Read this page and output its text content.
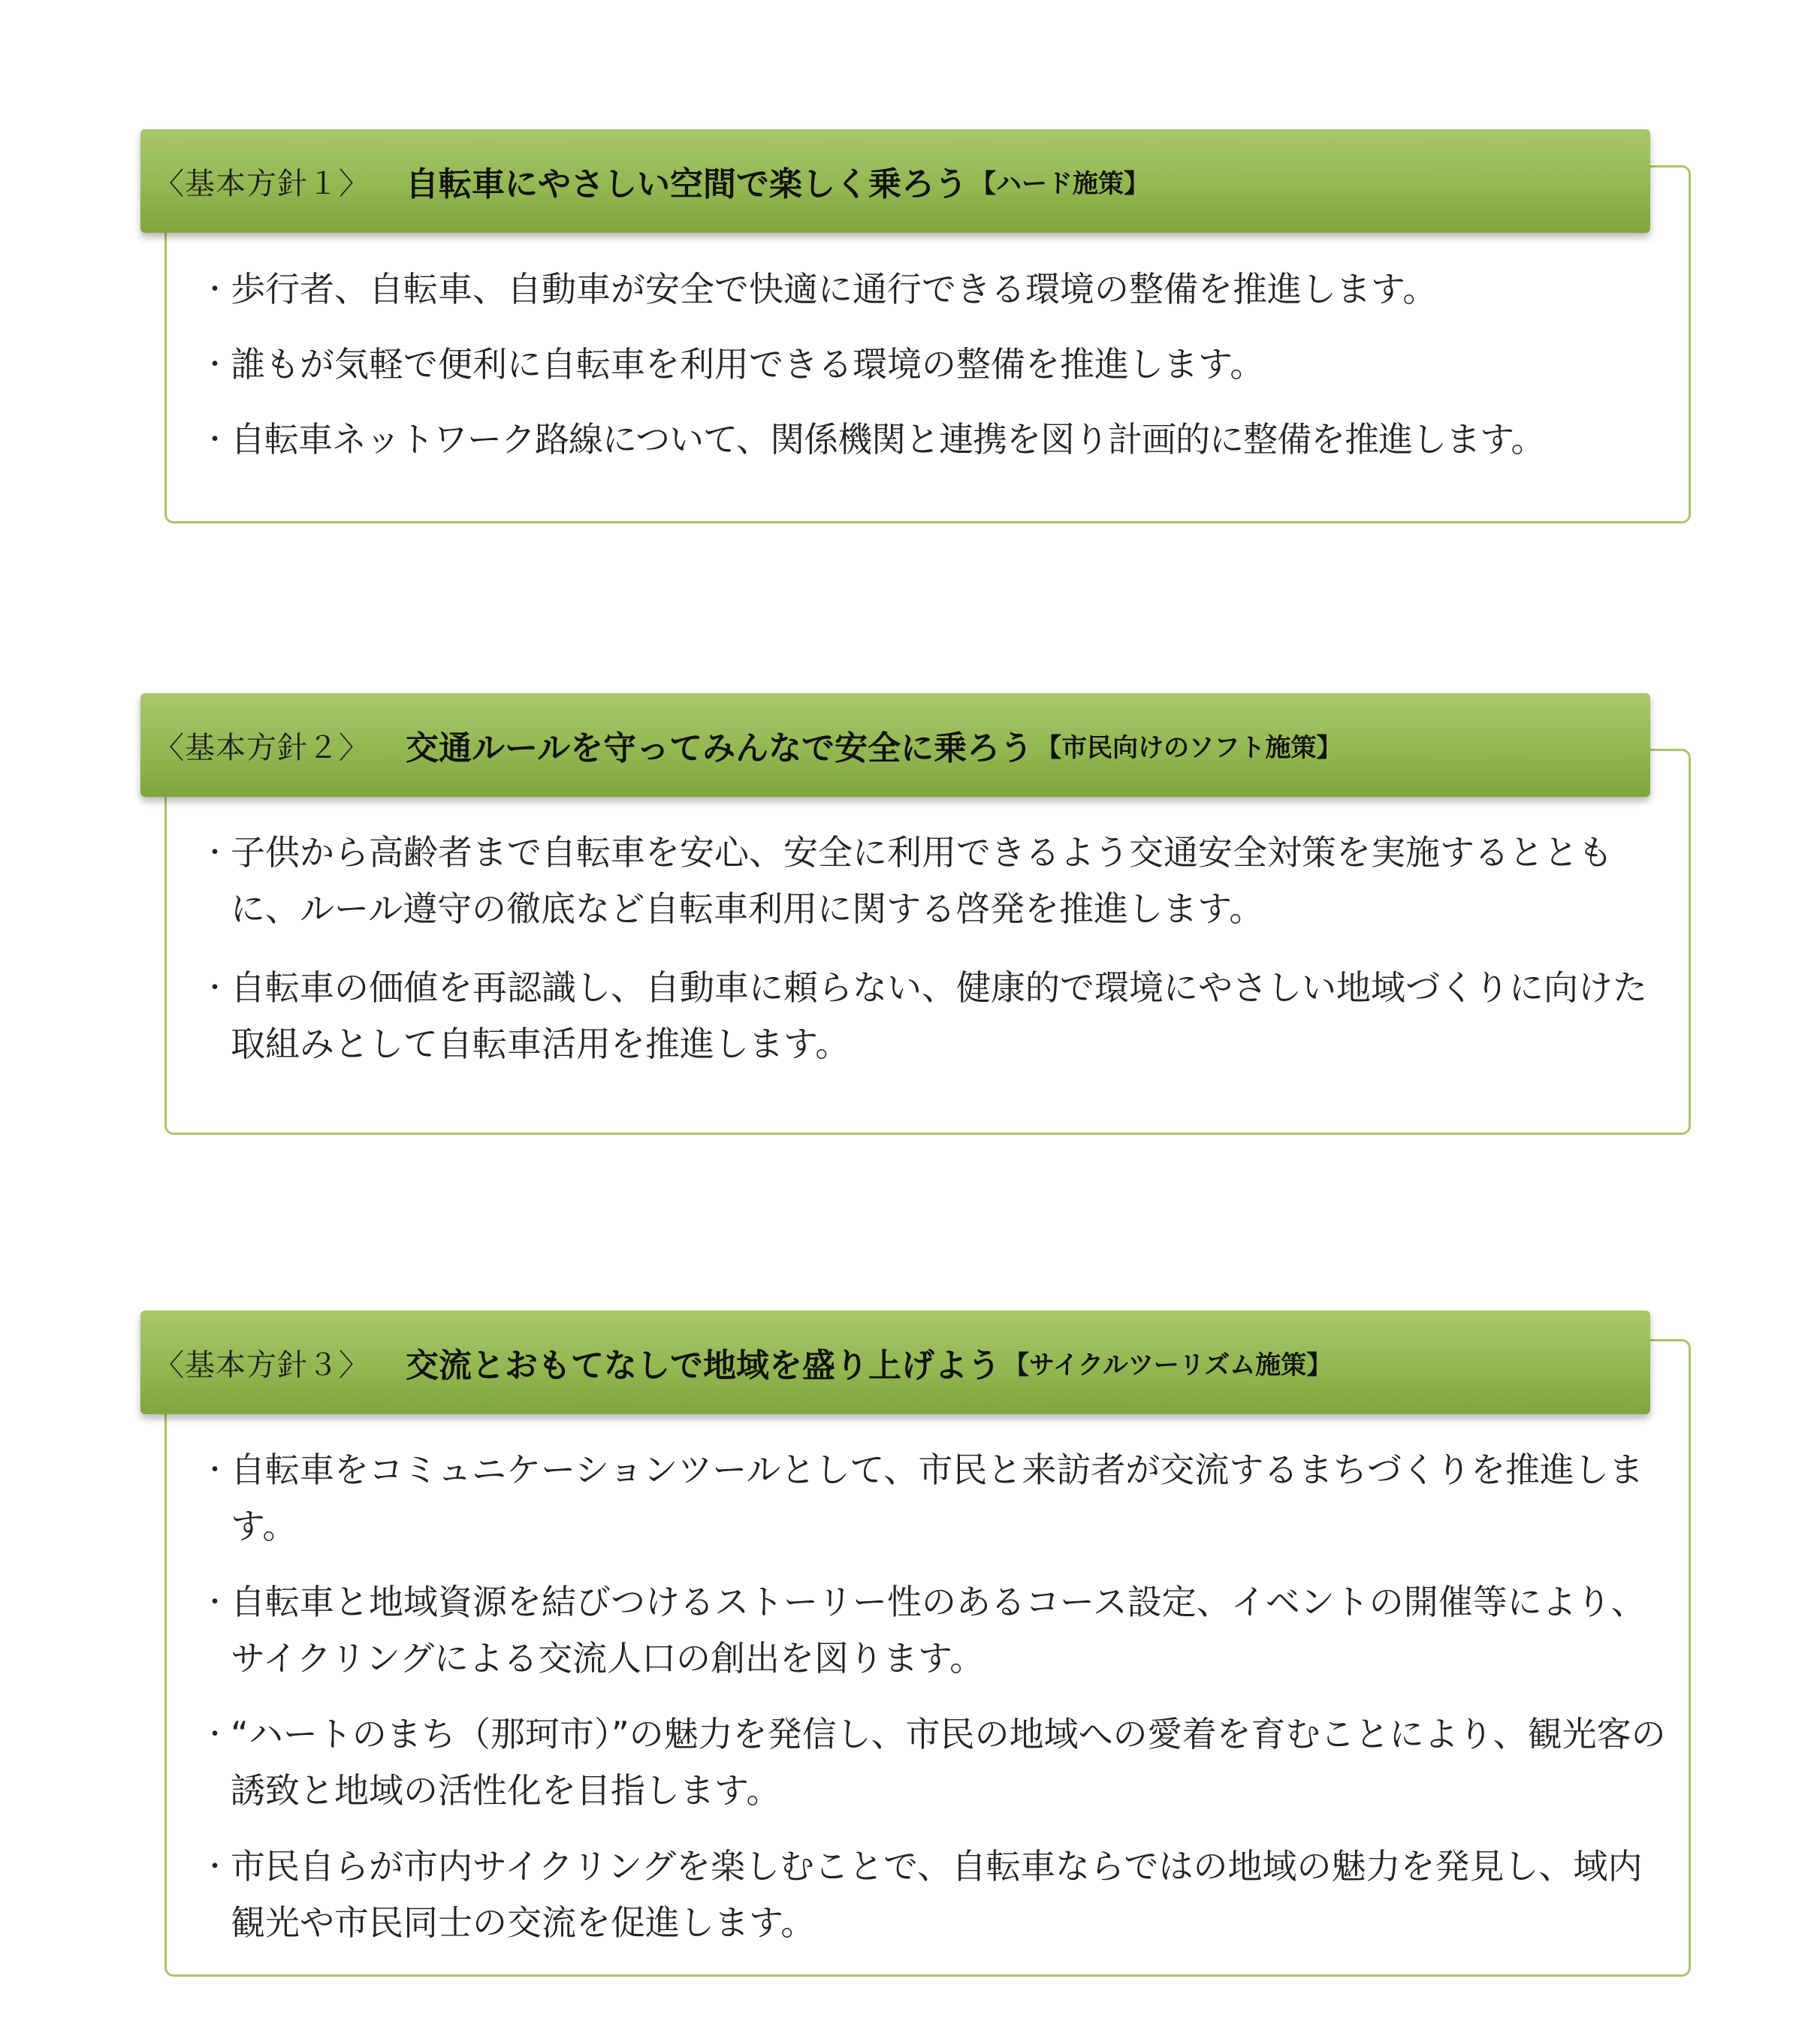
〈基本方針１〉 自転車にやさしい空間で楽しく乗ろう 【ハード施策】
・ 歩行者、自転車、自動車が安全で快適に通行できる環境の整備を推進します。
・ 誰もが気軽で便利に自転車を利用できる環境の整備を推進します。
・ 自転車ネットワーク路線について、関係機関と連携を図り計画的に整備を推進します。
〈基本方針２〉 交通ルールを守ってみんなで安全に乗ろう 【市民向けのソフト施策】
・ 子供から高齢者まで自転車を安心、安全に利用できるよう交通安全対策を実施するとともに、ルール遵守の徹底など自転車利用に関する啓発を推進します。
・ 自転車の価値を再認識し、自動車に頼らない、健康的で環境にやさしい地域づくりに向けた取組みとして自転車活用を推進します。
〈基本方針３〉 交流とおもてなしで地域を盛り上げよう 【サイクルツーリズム施策】
・ 自転車をコミュニケーションツールとして、市民と来訪者が交流するまちづくりを推進します。
・ 自転車と地域資源を結びつけるストーリー性のあるコース設定、イベントの開催等により、サイクリングによる交流人口の創出を図ります。
・ “ハートのまち（那珂市）”の魅力を発信し、市民の地域への愛着を育むことにより、観光客の誘致と地域の活性化を目指します。
・ 市民自らが市内サイクリングを楽しむことで、自転車ならではの地域の魅力を発見し、域内観光や市民同士の交流を促進します。
